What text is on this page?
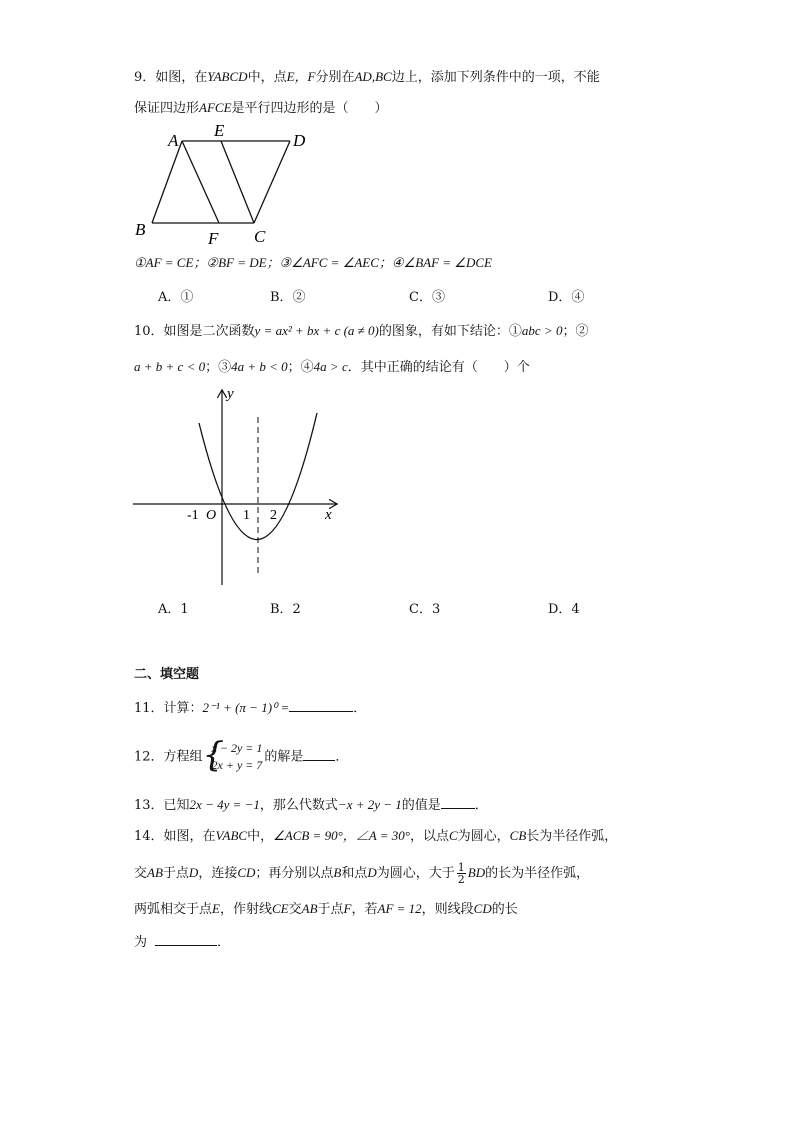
9．如图，在YABCD中，点E，F分别在AD,BC边上，添加下列条件中的一项，不能
保证四边形AFCE是平行四边形的是（　　）
A
E
D
B	F C
①AF = CE；②BF = DE；③∠AFC = ∠AEC；④∠BAF = ∠DCE
A．①	B．②	C．③	D．④
10．如图是二次函数y = ax² + bx + c (a ≠ 0)的图象，有如下结论：①abc > 0；②
a + b + c < 0；③4a + b < 0；④4a > c．其中正确的结论有（　　）个
y
x
-1 O 1 2
A．1	B．2	C．3	D．4
二、填空题
11．计算：2⁻¹ + (π − 1)⁰ =	．
12．方程组 {
x − 2y = 1
2x + y = 7
的解是 ．
13．已知2x − 4y = −1，那么代数式−x + 2y − 1的值是	．
14．如图，在VABC中，∠ACB = 90°，∠A = 30°，以点C为圆心，CB长为半径作弧，
交AB于点D，连接CD；再分别以点B和点D为圆心，大于 $\frac{1}{2}$ BD的长为半径作弧，
两弧相交于点E，作射线CE交AB于点F，若AF = 12，则线段CD的长
为	．
